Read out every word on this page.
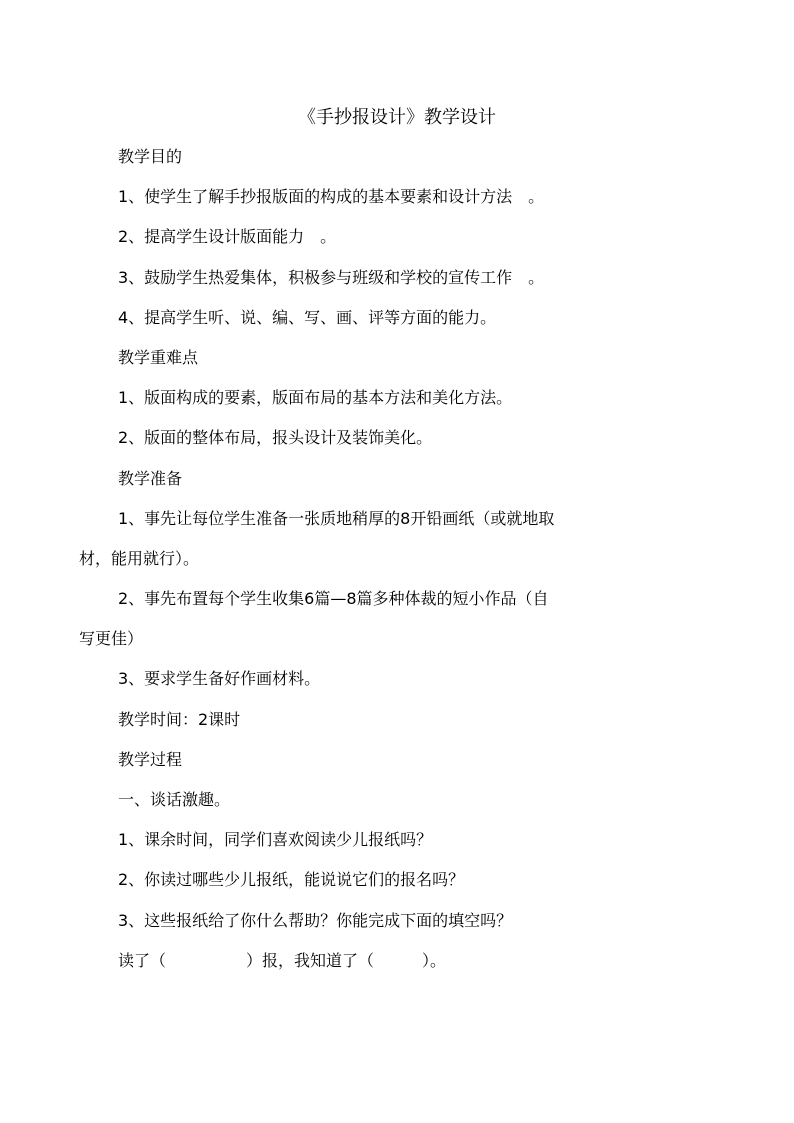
《手抄报设计》教学设计
教学目的
1、使学生了解手抄报版面的构成的基本要素和设计方法　。
2、提高学生设计版面能力　。
3、鼓励学生热爱集体，积极参与班级和学校的宣传工作　。
4、提高学生听、说、编、写、画、评等方面的能力。
教学重难点
1、版面构成的要素，版面布局的基本方法和美化方法。
2、版面的整体布局，报头设计及装饰美化。
教学准备
1、事先让每位学生准备一张质地稍厚的8开铅画纸（或就地取
材，能用就行）。
2、事先布置每个学生收集6篇—8篇多种体裁的短小作品（自
写更佳）
3、要求学生备好作画材料。
教学时间：2课时
教学过程
一、谈话激趣。
1、课余时间，同学们喜欢阅读少儿报纸吗？
2、你读过哪些少儿报纸，能说说它们的报名吗？
3、这些报纸给了你什么帮助？你能完成下面的填空吗？
读了（　　　　　）报，我知道了（　　　）。
